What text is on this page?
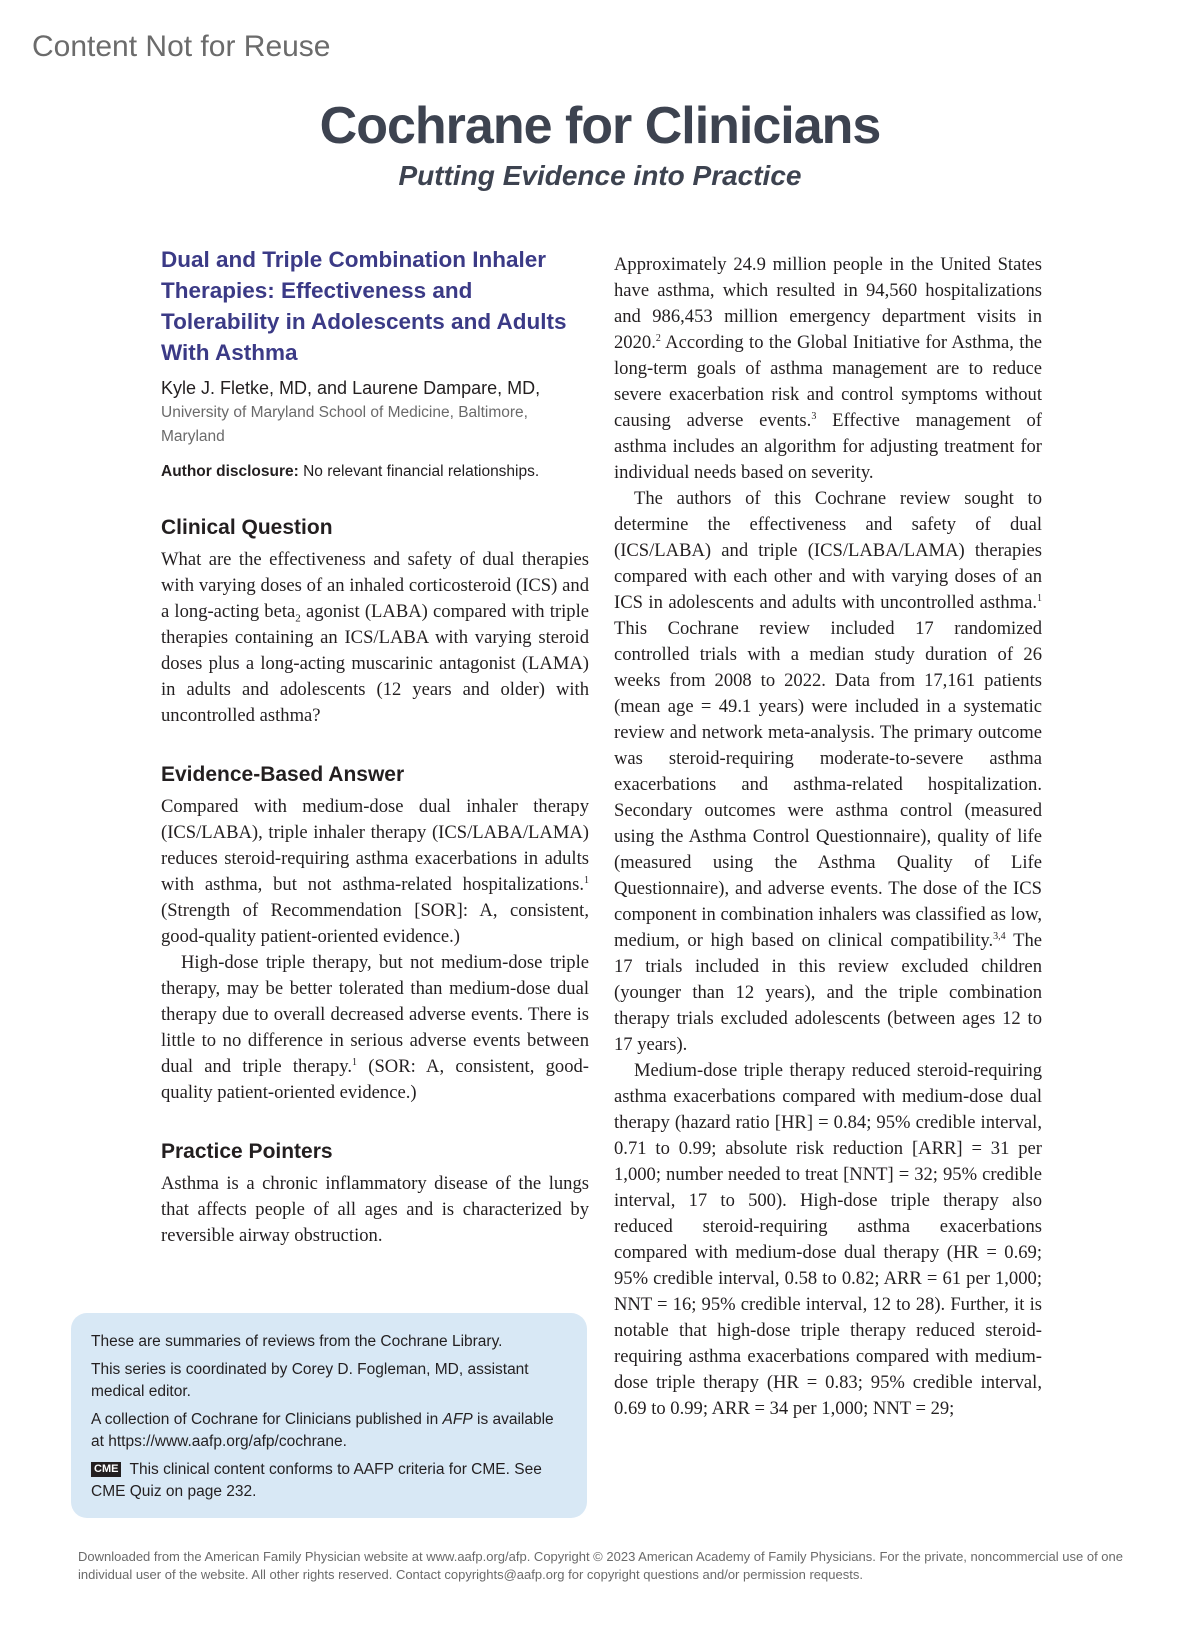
Content Not for Reuse
Cochrane for Clinicians
Putting Evidence into Practice
Dual and Triple Combination Inhaler Therapies: Effectiveness and Tolerability in Adolescents and Adults With Asthma
Kyle J. Fletke, MD, and Laurene Dampare, MD,
University of Maryland School of Medicine, Baltimore, Maryland
Author disclosure: No relevant financial relationships.
Clinical Question

What are the effectiveness and safety of dual therapies with varying doses of an inhaled corticosteroid (ICS) and a long-acting beta$_2$ agonist (LABA) compared with triple therapies containing an ICS/LABA with varying steroid doses plus a long-acting muscarinic antagonist (LAMA) in adults and adolescents (12 years and older) with uncontrolled asthma?

Evidence-Based Answer

Compared with medium-dose dual inhaler therapy (ICS/LABA), triple inhaler therapy (ICS/LABA/LAMA) reduces steroid-requiring asthma exacerbations in adults with asthma, but not asthma-related hospitalizations.$^1$ (Strength of Recommendation [SOR]: A, consistent, good-quality patient-oriented evidence.)

High-dose triple therapy, but not medium-dose triple therapy, may be better tolerated than medium-dose dual therapy due to overall decreased adverse events. There is little to no difference in serious adverse events between dual and triple therapy.$^1$ (SOR: A, consistent, good-quality patient-oriented evidence.)

Practice Pointers

Asthma is a chronic inflammatory disease of the lungs that affects people of all ages and is characterized by reversible airway obstruction.

These are summaries of reviews from the Cochrane Library.

This series is coordinated by Corey D. Fogleman, MD, assistant medical editor.

A collection of Cochrane for Clinicians published in AFP is available at https://www.aafp.org/afp/cochrane.

CME This clinical content conforms to AAFP criteria for CME. See CME Quiz on page 232.

Approximately 24.9 million people in the United States have asthma, which resulted in 94,560 hospitalizations and 986,453 million emergency department visits in 2020.$^2$ According to the Global Initiative for Asthma, the long-term goals of asthma management are to reduce severe exacerbation risk and control symptoms without causing adverse events.$^3$ Effective management of asthma includes an algorithm for adjusting treatment for individual needs based on severity.

The authors of this Cochrane review sought to determine the effectiveness and safety of dual (ICS/LABA) and triple (ICS/LABA/LAMA) therapies compared with each other and with varying doses of an ICS in adolescents and adults with uncontrolled asthma.$^1$ This Cochrane review included 17 randomized controlled trials with a median study duration of 26 weeks from 2008 to 2022. Data from 17,161 patients (mean age = 49.1 years) were included in a systematic review and network meta-analysis. The primary outcome was steroid-requiring moderate-to-severe asthma exacerbations and asthma-related hospitalization. Secondary outcomes were asthma control (measured using the Asthma Control Questionnaire), quality of life (measured using the Asthma Quality of Life Questionnaire), and adverse events. The dose of the ICS component in combination inhalers was classified as low, medium, or high based on clinical compatibility.$^{3,4}$ The 17 trials included in this review excluded children (younger than 12 years), and the triple combination therapy trials excluded adolescents (between ages 12 to 17 years).

Medium-dose triple therapy reduced steroid-requiring asthma exacerbations compared with medium-dose dual therapy (hazard ratio [HR] = 0.84; 95% credible interval, 0.71 to 0.99; absolute risk reduction [ARR] = 31 per 1,000; number needed to treat [NNT] = 32; 95% credible interval, 17 to 500). High-dose triple therapy also reduced steroid-requiring asthma exacerbations compared with medium-dose dual therapy (HR = 0.69; 95% credible interval, 0.58 to 0.82; ARR = 61 per 1,000; NNT = 16; 95% credible interval, 12 to 28). Further, it is notable that high-dose triple therapy reduced steroid-requiring asthma exacerbations compared with medium-dose triple therapy (HR = 0.83; 95% credible interval, 0.69 to 0.99; ARR = 34 per 1,000; NNT = 29;

Downloaded from the American Family Physician website at www.aafp.org/afp. Copyright © 2023 American Academy of Family Physicians. For the private, noncommercial use of one individual user of the website. All other rights reserved. Contact copyrights@aafp.org for copyright questions and/or permission requests.
